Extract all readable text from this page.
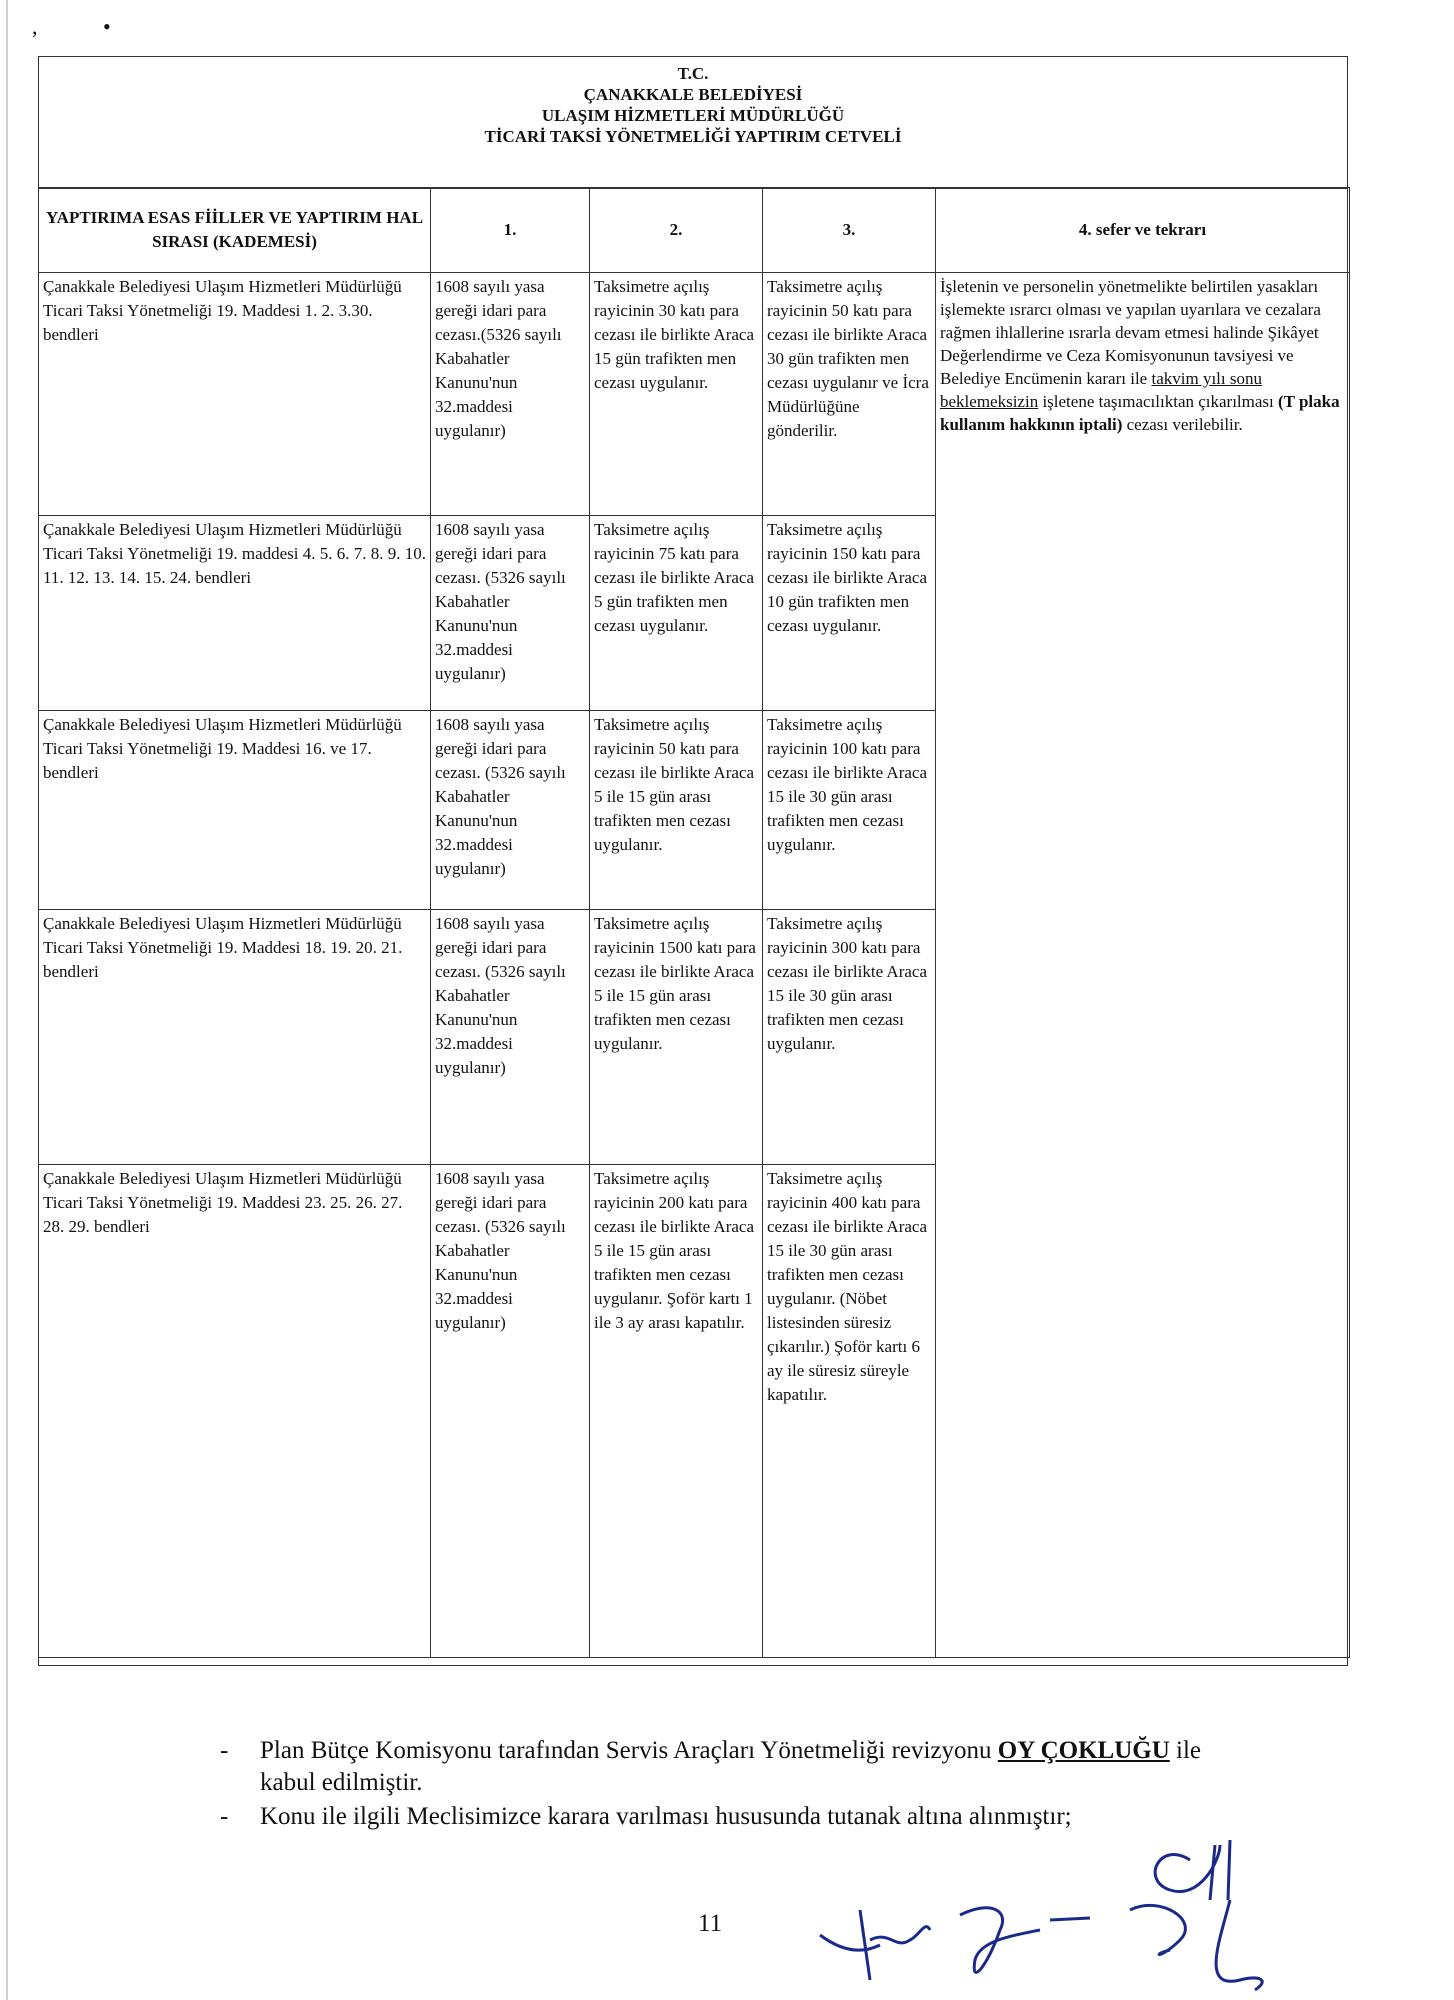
,	•
T.C.
ÇANAKKALE BELEDİYESİ
ULAŞIM HİZMETLERİ MÜDÜRLÜĞÜ
TİCARİ TAKSİ YÖNETMELİĞİ YAPTIRIM CETVELİ
YAPTIRIMA ESAS FİİLLER VE YAPTIRIM HAL SIRASI (KADEMESİ)	1.	2.	3.	4. sefer ve tekrarı
Çanakkale Belediyesi Ulaşım Hizmetleri Müdürlüğü Ticari Taksi Yönetmeliği 19. Maddesi 1. 2. 3.30. bendleri	1608 sayılı yasa gereği idari para cezası.(5326 sayılı Kabahatler Kanunu'nun 32.maddesi uygulanır)	Taksimetre açılış rayicinin 30 katı para cezası ile birlikte Araca 15 gün trafikten men cezası uygulanır.	Taksimetre açılış rayicinin 50 katı para cezası ile birlikte Araca 30 gün trafikten men cezası uygulanır ve İcra Müdürlüğüne gönderilir.	İşletenin ve personelin yönetmelikte belirtilen yasakları işlemekte ısrarcı olması ve yapılan uyarılara ve cezalara rağmen ihlallerine ısrarla devam etmesi halinde Şikâyet Değerlendirme ve Ceza Komisyonunun tavsiyesi ve Belediye Encümenin kararı ile takvim yılı sonu beklemeksizin işletene taşımacılıktan çıkarılması (T plaka kullanım hakkının iptali) cezası verilebilir.
Çanakkale Belediyesi Ulaşım Hizmetleri Müdürlüğü Ticari Taksi Yönetmeliği 19. maddesi 4. 5. 6. 7. 8. 9. 10. 11. 12. 13. 14. 15. 24. bendleri	1608 sayılı yasa gereği idari para cezası. (5326 sayılı Kabahatler Kanunu'nun 32.maddesi uygulanır)	Taksimetre açılış rayicinin 75 katı para cezası ile birlikte Araca 5 gün trafikten men cezası uygulanır.	Taksimetre açılış rayicinin 150 katı para cezası ile birlikte Araca 10 gün trafikten men cezası uygulanır.	
Çanakkale Belediyesi Ulaşım Hizmetleri Müdürlüğü Ticari Taksi Yönetmeliği 19. Maddesi 16. ve 17. bendleri	1608 sayılı yasa gereği idari para cezası. (5326 sayılı Kabahatler Kanunu'nun 32.maddesi uygulanır)	Taksimetre açılış rayicinin 50 katı para cezası ile birlikte Araca 5 ile 15 gün arası trafikten men cezası uygulanır.	Taksimetre açılış rayicinin 100 katı para cezası ile birlikte Araca 15 ile 30 gün arası trafikten men cezası uygulanır.	
Çanakkale Belediyesi Ulaşım Hizmetleri Müdürlüğü Ticari Taksi Yönetmeliği 19. Maddesi 18. 19. 20. 21. bendleri	1608 sayılı yasa gereği idari para cezası. (5326 sayılı Kabahatler Kanunu'nun 32.maddesi uygulanır)	Taksimetre açılış rayicinin 1500 katı para cezası ile birlikte Araca 5 ile 15 gün arası trafikten men cezası uygulanır.	Taksimetre açılış rayicinin 300 katı para cezası ile birlikte Araca 15 ile 30 gün arası trafikten men cezası uygulanır.	
Çanakkale Belediyesi Ulaşım Hizmetleri Müdürlüğü Ticari Taksi Yönetmeliği 19. Maddesi 23. 25. 26. 27. 28. 29. bendleri	1608 sayılı yasa gereği idari para cezası. (5326 sayılı Kabahatler Kanunu'nun 32.maddesi uygulanır)	Taksimetre açılış rayicinin 200 katı para cezası ile birlikte Araca 5 ile 15 gün arası trafikten men cezası uygulanır. Şoför kartı 1 ile 3 ay arası kapatılır.	Taksimetre açılış rayicinin 400 katı para cezası ile birlikte Araca 15 ile 30 gün arası trafikten men cezası uygulanır. (Nöbet listesinden süresiz çıkarılır.) Şoför kartı 6 ay ile süresiz süreyle kapatılır.	
- Plan Bütçe Komisyonu tarafından Servis Araçları Yönetmeliği revizyonu OY ÇOKLUĞU ile kabul edilmiştir.
- Konu ile ilgili Meclisimizce karara varılması hususunda tutanak altına alınmıştır;
11
